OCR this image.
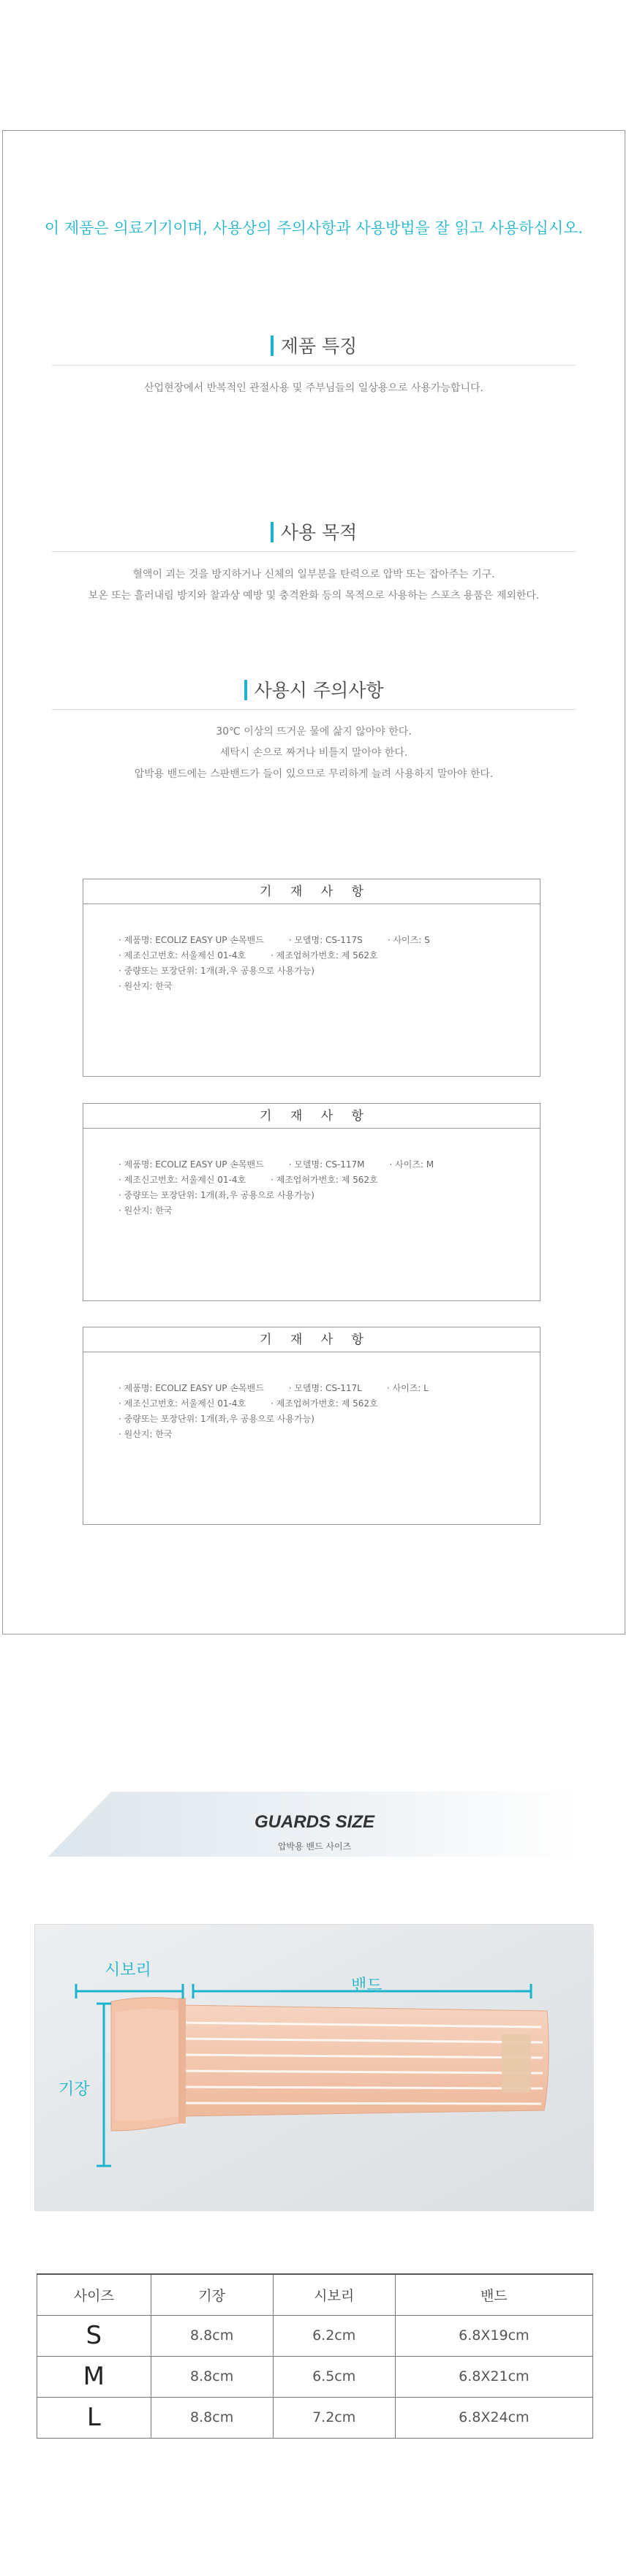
이 제품은 의료기기이며, 사용상의 주의사항과 사용방법을 잘 읽고 사용하십시오.
제품 특징
산업현장에서 반복적인 관절사용 및 주부님들의 일상용으로 사용가능합니다.
사용 목적
혈액이 괴는 것을 방지하거나 신체의 일부분을 탄력으로 압박 또는 잡아주는 기구.
보온 또는 흘러내림 방지와 찰과상 예방 및 충격완화 등의 목적으로 사용하는 스포츠 용품은 제외한다.
사용시 주의사항
30℃ 이상의 뜨거운 물에 삶지 않아야 한다.
세탁시 손으로 짜거나 비틀지 말아야 한다.
압박용 밴드에는 스판밴드가 들이 있으므로 무리하게 늘려 사용하지 말아야 한다.
기 재 사 항
· 제품명: ECOLIZ EASY UP 손목밴드	· 모델명: CS-117S	· 사이즈: S
· 제조신고번호: 서울제신 01-4호	· 제조업허가번호: 제 562호
· 중량또는 포장단위: 1개(좌,우 공용으로 사용가능)
· 원산지: 한국
기 재 사 항
· 제품명: ECOLIZ EASY UP 손목밴드	· 모델명: CS-117M	· 사이즈: M
· 제조신고번호: 서울제신 01-4호	· 제조업허가번호: 제 562호
· 중량또는 포장단위: 1개(좌,우 공용으로 사용가능)
· 원산지: 한국
기 재 사 항
· 제품명: ECOLIZ EASY UP 손목밴드	· 모델명: CS-117L	· 사이즈: L
· 제조신고번호: 서울제신 01-4호	· 제조업허가번호: 제 562호
· 중량또는 포장단위: 1개(좌,우 공용으로 사용가능)
· 원산지: 한국
GUARDS SIZE
압박용 밴드 사이즈
시보리
밴드
기장
사이즈	기장	시보리	밴드
S	8.8cm	6.2cm	6.8X19cm
M	8.8cm	6.5cm	6.8X21cm
L	8.8cm	7.2cm	6.8X24cm
